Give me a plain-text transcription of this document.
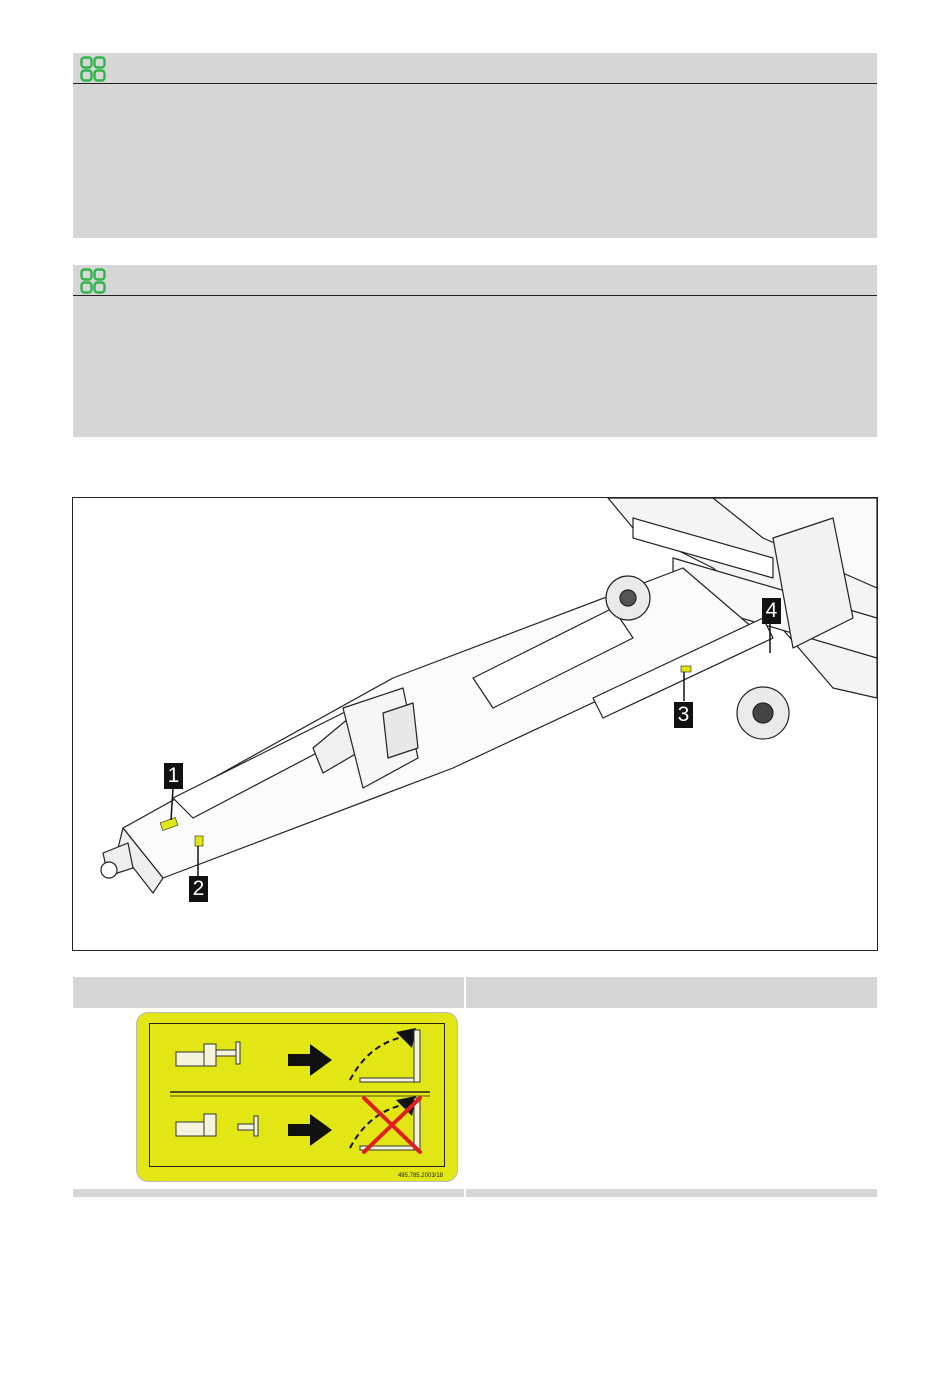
1
2
3
4
495.785.2003/18
